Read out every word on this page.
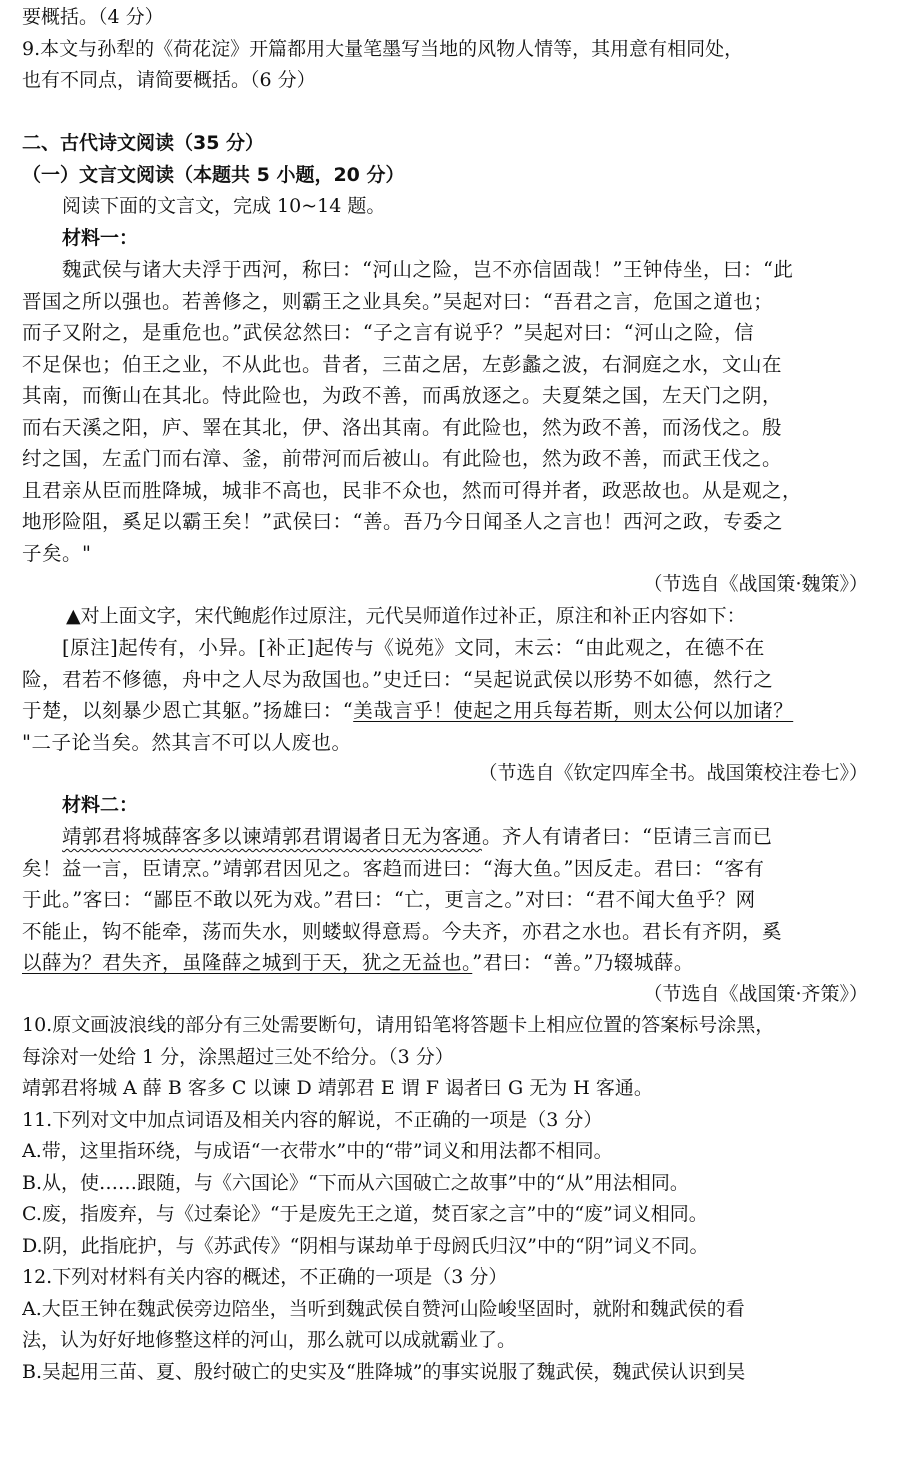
要概括。（4 分）
9.本文与孙犁的《荷花淀》开篇都用大量笔墨写当地的风物人情等，其用意有相同处，
也有不同点，请简要概括。（6 分）
二、古代诗文阅读（35 分）
（一）文言文阅读（本题共 5 小题，20 分）
阅读下面的文言文，完成 10~14 题。
材料一：
魏武侯与诸大夫浮于西河，称曰：“河山之险，岂不亦信固哉！”王钟侍坐，曰：“此
晋国之所以强也。若善修之，则霸王之业具矣。”吴起对曰：“吾君之言，危国之道也；
而子又附之，是重危也。”武侯忿然曰：“子之言有说乎？”吴起对曰：“河山之险，信
不足保也；伯王之业，不从此也。昔者，三苗之居，左彭蠡之波，右洞庭之水，文山在
其南，而衡山在其北。恃此险也，为政不善，而禹放逐之。夫夏桀之国，左天门之阴，
而右天溪之阳，庐、睪在其北，伊、洛出其南。有此险也，然为政不善，而汤伐之。殷
纣之国，左孟门而右漳、釜，前带河而后被山。有此险也，然为政不善，而武王伐之。
且君亲从臣而胜降城，城非不高也，民非不众也，然而可得并者，政恶故也。从是观之，
地形险阻，奚足以霸王矣！”武侯曰：“善。吾乃今日闻圣人之言也！西河之政，专委之
子矣。"
（节选自《战国策·魏策》）
▲对上面文字，宋代鲍彪作过原注，元代吴师道作过补正，原注和补正内容如下：
[原注]起传有，小异。[补正]起传与《说苑》文同，末云：“由此观之，在德不在
险，君若不修德，舟中之人尽为敌国也。”史迁曰：“吴起说武侯以形势不如德，然行之
于楚，以刻暴少恩亡其躯。”扬雄曰：“美哉言乎！使起之用兵每若斯，则太公何以加诸？
"二子论当矣。然其言不可以人废也。
（节选自《钦定四库全书。战国策校注卷七》）
材料二：
靖郭君将城薛客多以谏靖郭君谓谒者日无为客通。齐人有请者曰：“臣请三言而已
矣！益一言，臣请烹。”靖郭君因见之。客趋而进曰：“海大鱼。”因反走。君曰：“客有
于此。”客曰：“鄙臣不敢以死为戏。”君曰：“亡，更言之。”对曰：“君不闻大鱼乎？网
不能止，钩不能牵，荡而失水，则蝼蚁得意焉。今夫齐，亦君之水也。君长有齐阴，奚
以薛为？君失齐，虽隆薛之城到于天，犹之无益也。”君曰：“善。”乃辍城薛。
（节选自《战国策·齐策》）
10.原文画波浪线的部分有三处需要断句，请用铅笔将答题卡上相应位置的答案标号涂黑，
每涂对一处给 1 分，涂黑超过三处不给分。（3 分）
靖郭君将城 A 薛 B 客多 C 以谏 D 靖郭君 E 谓 F 谒者曰 G 无为 H 客通。
11.下列对文中加点词语及相关内容的解说，不正确的一项是（3 分）
A.带，这里指环绕，与成语“一衣带水”中的“带”词义和用法都不相同。
B.从，使……跟随，与《六国论》“下而从六国破亡之故事”中的“从”用法相同。
C.废，指废弃，与《过秦论》“于是废先王之道，焚百家之言”中的“废”词义相同。
D.阴，此指庇护，与《苏武传》“阴相与谋劫单于母阏氏归汉”中的“阴”词义不同。
12.下列对材料有关内容的概述，不正确的一项是（3 分）
A.大臣王钟在魏武侯旁边陪坐，当听到魏武侯自赞河山险峻坚固时，就附和魏武侯的看
法，认为好好地修整这样的河山，那么就可以成就霸业了。
B.吴起用三苗、夏、殷纣破亡的史实及“胜降城”的事实说服了魏武侯，魏武侯认识到吴
